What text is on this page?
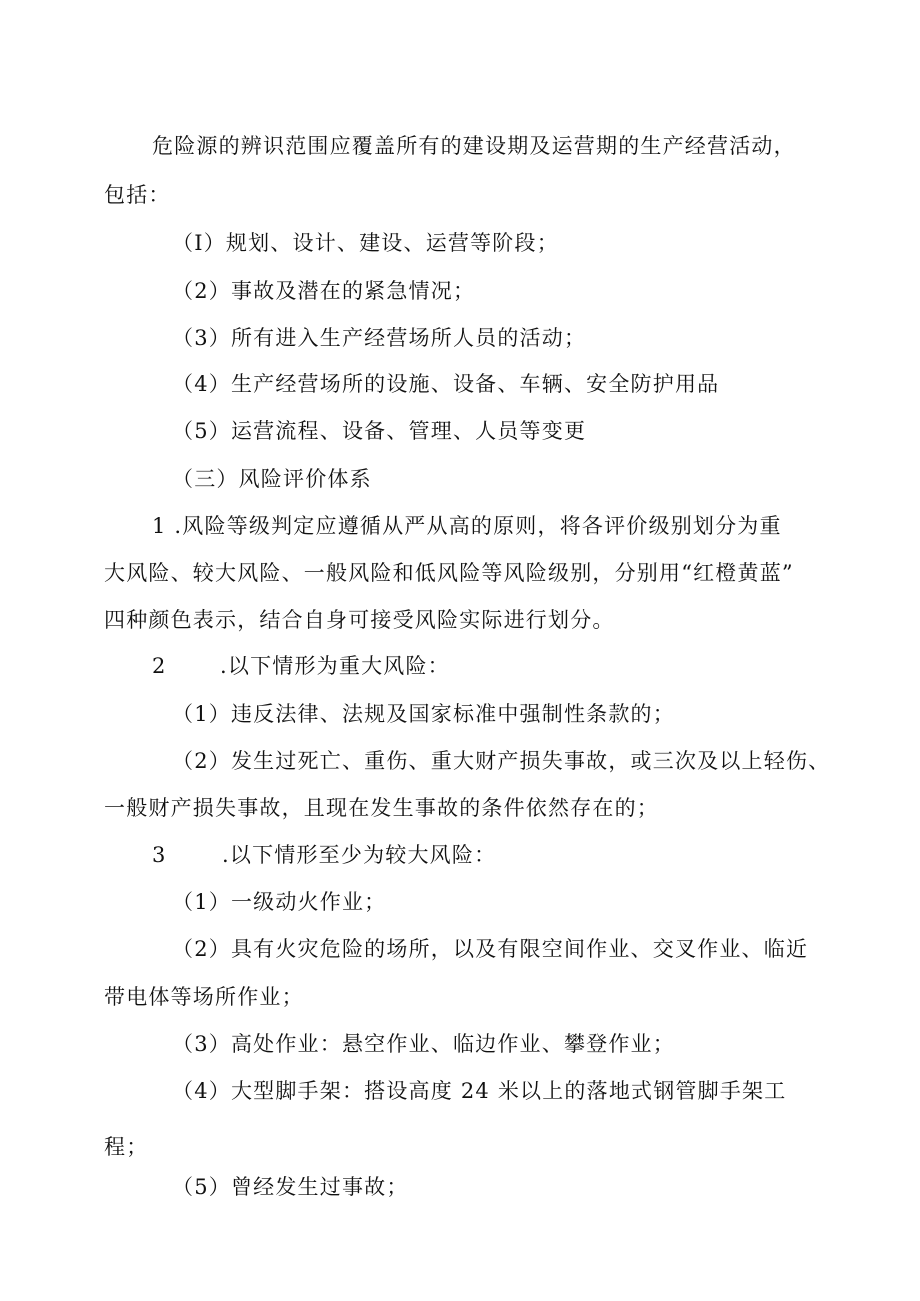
危险源的辨识范围应覆盖所有的建设期及运营期的生产经营活动，
包括：
（I）规划、设计、建设、运营等阶段；
（2）事故及潜在的紧急情况；
（3）所有进入生产经营场所人员的活动；
（4）生产经营场所的设施、设备、车辆、安全防护用品
（5）运营流程、设备、管理、人员等变更
（三）风险评价体系
1 .风险等级判定应遵循从严从高的原则，将各评价级别划分为重
大风险、较大风险、一般风险和低风险等风险级别，分别用“红橙黄蓝”
四种颜色表示，结合自身可接受风险实际进行划分。
2	.以下情形为重大风险：
（1）违反法律、法规及国家标准中强制性条款的；
（2）发生过死亡、重伤、重大财产损失事故，或三次及以上轻伤、
一般财产损失事故，且现在发生事故的条件依然存在的；
3	.以下情形至少为较大风险：
（1）一级动火作业；
（2）具有火灾危险的场所，以及有限空间作业、交叉作业、临近
带电体等场所作业；
（3）高处作业：悬空作业、临边作业、攀登作业；
（4）大型脚手架：搭设高度 24 米以上的落地式钢管脚手架工
程；
（5）曾经发生过事故；
